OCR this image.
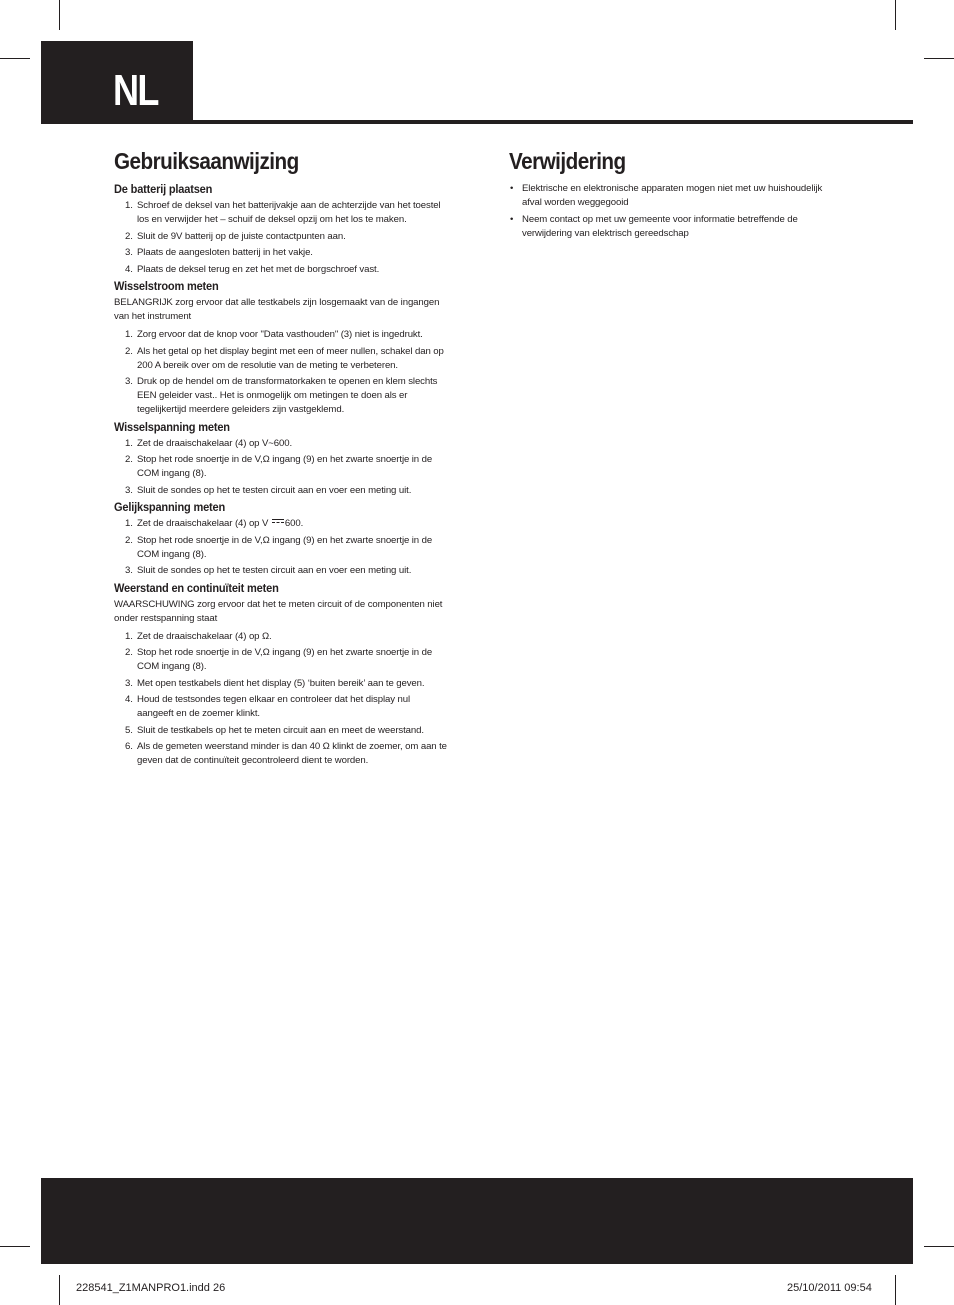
NL
Gebruiksaanwijzing
De batterij plaatsen
1. Schroef de deksel van het batterijvakje aan de achterzijde van het toestel los en verwijder het – schuif de deksel opzij om het los te maken.
2. Sluit de 9V batterij op de juiste contactpunten aan.
3. Plaats de aangesloten batterij in het vakje.
4. Plaats de deksel terug en zet het met de borgschroef vast.
Wisselstroom meten

BELANGRIJK zorg ervoor dat alle testkabels zijn losgemaakt van de ingangen van het instrument

1. Zorg ervoor dat de knop voor "Data vasthouden" (3) niet is ingedrukt.
2. Als het getal op het display begint met een of meer nullen, schakel dan op 200 A bereik over om de resolutie van de meting te verbeteren.
3. Druk op de hendel om de transformatorkaken te openen en klem slechts EEN geleider vast.. Het is onmogelijk om metingen te doen als er tegelijkertijd meerdere geleiders zijn vastgeklemd.
Wisselspanning meten
1. Zet de draaischakelaar (4) op V~600.
2. Stop het rode snoertje in de V,Ω ingang (9) en het zwarte snoertje in de COM ingang (8).
3. Sluit de sondes op het te testen circuit aan en voer een meting uit.
Gelijkspanning meten
1. Zet de draaischakelaar (4) op V 600.
2. Stop het rode snoertje in de V,Ω ingang (9) en het zwarte snoertje in de COM ingang (8).
3. Sluit de sondes op het te testen circuit aan en voer een meting uit.
Weerstand en continuïteit meten

WAARSCHUWING zorg ervoor dat het te meten circuit of de componenten niet onder restspanning staat

1. Zet de draaischakelaar (4) op Ω.
2. Stop het rode snoertje in de V,Ω ingang (9) en het zwarte snoertje in de COM ingang (8).
3. Met open testkabels dient het display (5) ‘buiten bereik’ aan te geven.
4. Houd de testsondes tegen elkaar en controleer dat het display nul aangeeft en de zoemer klinkt.
5. Sluit de testkabels op het te meten circuit aan en meet de weerstand.
6. Als de gemeten weerstand minder is dan 40 Ω klinkt de zoemer, om aan te geven dat de continuïteit gecontroleerd dient te worden.
Verwijdering
• Elektrische en elektronische apparaten mogen niet met uw huishoudelijk afval worden weggegooid
• Neem contact op met uw gemeente voor informatie betreffende de verwijdering van elektrisch gereedschap
228541_Z1MANPRO1.indd 26	25/10/2011 09:54
